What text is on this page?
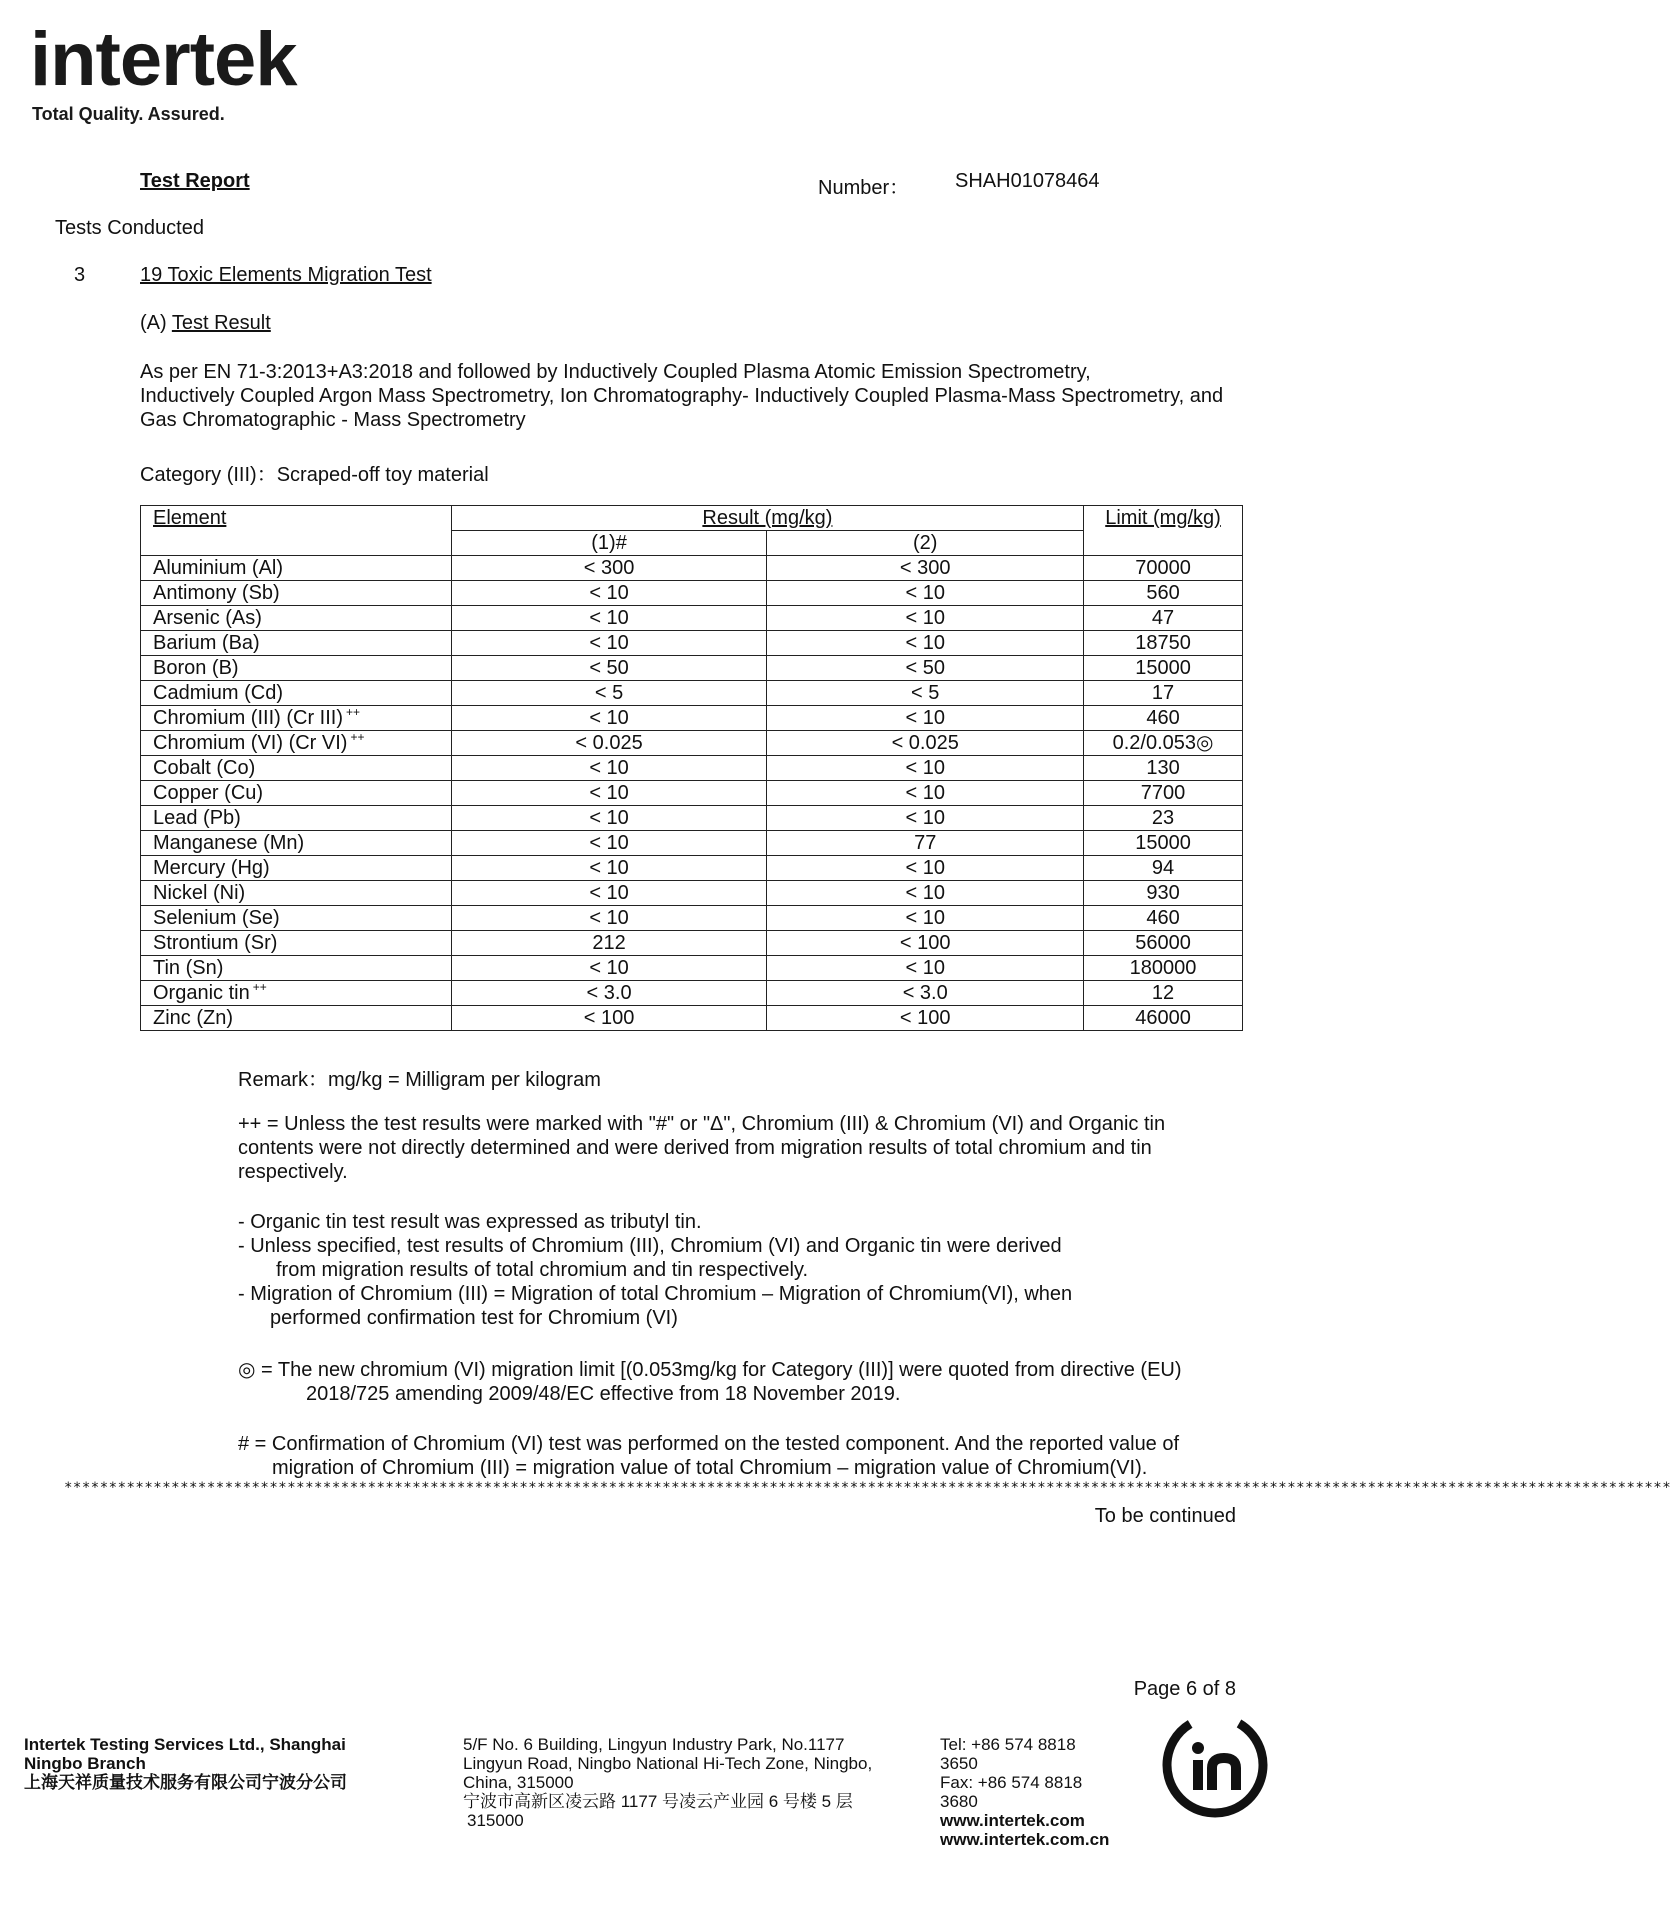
intertek
Total Quality. Assured.
Test Report	Number： SHAH01078464
Tests Conducted
3	19 Toxic Elements Migration Test
(A) Test Result
As per EN 71-3:2013+A3:2018 and followed by Inductively Coupled Plasma Atomic Emission Spectrometry,
Inductively Coupled Argon Mass Spectrometry, Ion Chromatography- Inductively Coupled Plasma-Mass Spectrometry, and
Gas Chromatographic - Mass Spectrometry
Category (III)：Scraped-off toy material
Element	Result (mg/kg)		Limit (mg/kg)
	(1)#	(2)	
Aluminium (Al)	< 300	< 300	70000
Antimony (Sb)	< 10	< 10	560
Arsenic (As)	< 10	< 10	47
Barium (Ba)	< 10	< 10	18750
Boron (B)	< 50	< 50	15000
Cadmium (Cd)	< 5	< 5	17
Chromium (III) (Cr III) ++	< 10	< 10	460
Chromium (VI) (Cr VI) ++	< 0.025	< 0.025	0.2/0.053◎
Cobalt (Co)	< 10	< 10	130
Copper (Cu)	< 10	< 10	7700
Lead (Pb)	< 10	< 10	23
Manganese (Mn)	< 10	77	15000
Mercury (Hg)	< 10	< 10	94
Nickel (Ni)	< 10	< 10	930
Selenium (Se)	< 10	< 10	460
Strontium (Sr)	212	< 100	56000
Tin (Sn)	< 10	< 10	180000
Organic tin ++	< 3.0	< 3.0	12
Zinc (Zn)	< 100	< 100	46000
Remark：mg/kg = Milligram per kilogram
++ = Unless the test results were marked with "#" or "Δ", Chromium (III) & Chromium (VI) and Organic tin
contents were not directly determined and were derived from migration results of total chromium and tin
respectively.
- Organic tin test result was expressed as tributyl tin.
- Unless specified, test results of Chromium (III), Chromium (VI) and Organic tin were derived
from migration results of total chromium and tin respectively.
- Migration of Chromium (III) = Migration of total Chromium – Migration of Chromium(VI), when
performed confirmation test for Chromium (VI)
◎ = The new chromium (VI) migration limit [(0.053mg/kg for Category (III)] were quoted from directive (EU)
2018/725 amending 2009/48/EC effective from 18 November 2019.
# = Confirmation of Chromium (VI) test was performed on the tested component. And the reported value of
migration of Chromium (III) = migration value of total Chromium – migration value of Chromium(VI).
************************************************************************************************************************************************************************************
To be continued
Page 6 of 8
Intertek Testing Services Ltd., Shanghai
Ningbo Branch
上海天祥质量技术服务有限公司宁波分公司
5/F No. 6 Building, Lingyun Industry Park, No.1177
Lingyun Road, Ningbo National Hi-Tech Zone, Ningbo,
China, 315000
宁波市高新区凌云路 1177 号凌云产业园 6 号楼 5 层
315000
Tel: +86 574 8818
3650
Fax: +86 574 8818
3680
www.intertek.com
www.intertek.com.cn
